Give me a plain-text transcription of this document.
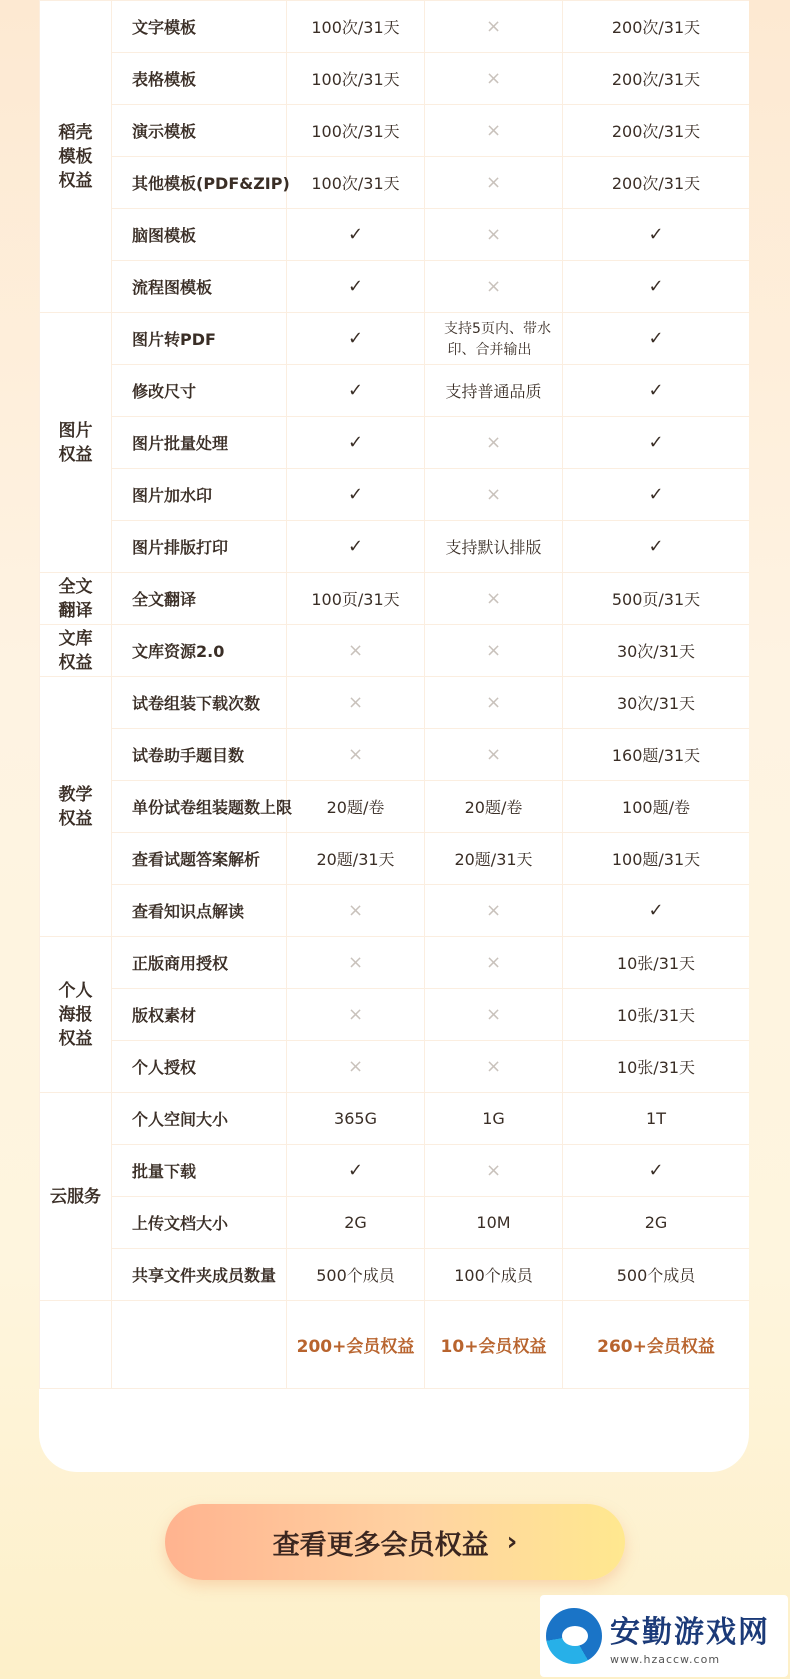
稻壳
模板
权益	文字模板	100次/31天	×	200次/31天
	表格模板	100次/31天	×	200次/31天
	演示模板	100次/31天	×	200次/31天
	其他模板(PDF&ZIP)	100次/31天	×	200次/31天
	脑图模板	✓	×	✓
	流程图模板	✓	×	✓
图片
权益	图片转PDF	✓	支持5页内、带水印、合并输出	✓
	修改尺寸	✓	支持普通品质	✓
	图片批量处理	✓	×	✓
	图片加水印	✓	×	✓
	图片排版打印	✓	支持默认排版	✓
全文
翻译	全文翻译	100页/31天	×	500页/31天
文库
权益	文库资源2.0	×	×	30次/31天
教学
权益	试卷组装下载次数	×	×	30次/31天
	试卷助手题目数	×	×	160题/31天
	单份试卷组装题数上限	20题/卷	20题/卷	100题/卷
	查看试题答案解析	20题/31天	20题/31天	100题/31天
	查看知识点解读	×	×	✓
个人
海报
权益	正版商用授权	×	×	10张/31天
	版权素材	×	×	10张/31天
	个人授权	×	×	10张/31天
云服务	个人空间大小	365G	1G	1T
	批量下载	✓	×	✓
	上传文档大小	2G	10M	2G
	共享文件夹成员数量	500个成员	100个成员	500个成员
		200+会员权益	10+会员权益	260+会员权益
查看更多会员权益 ›
安勤游戏网
www.hzaccw.com
